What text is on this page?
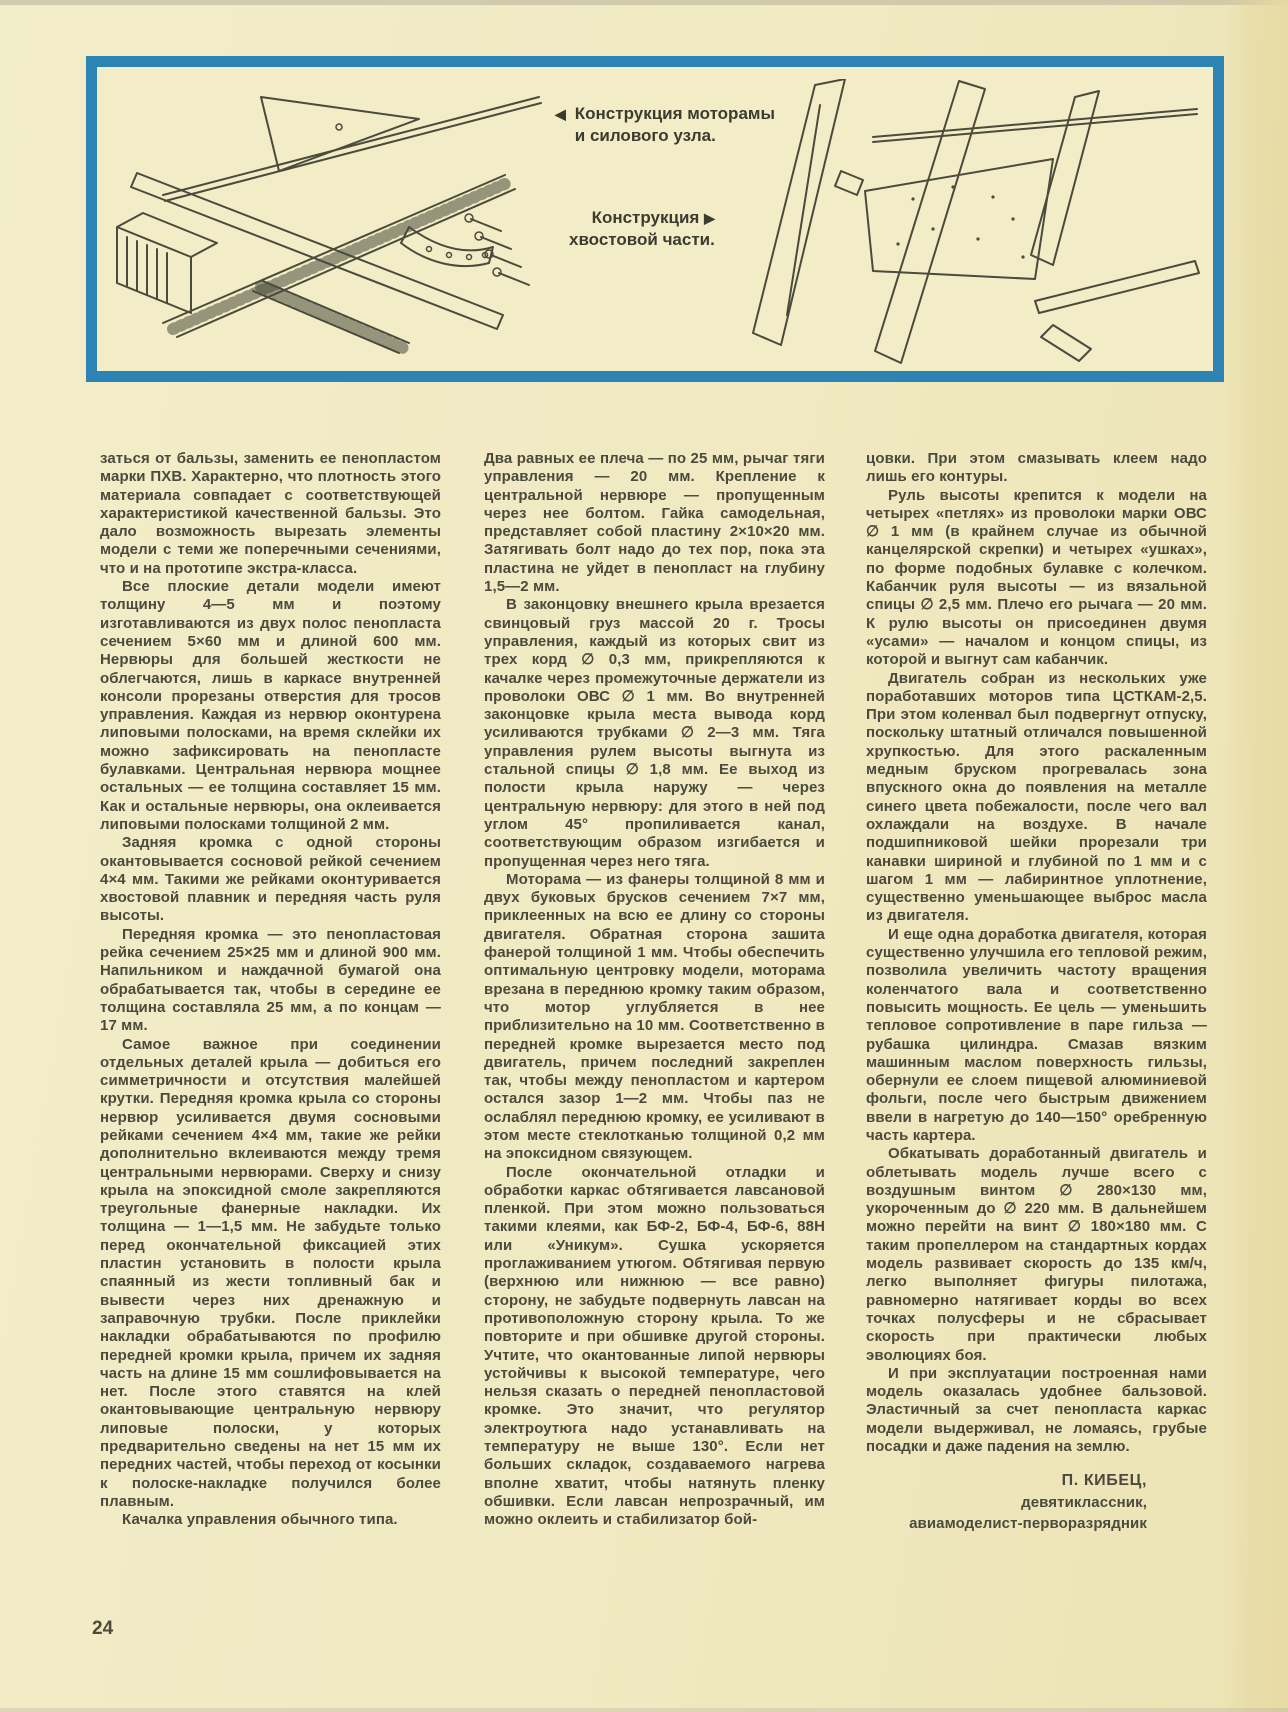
◀ Конструкция моторамы
и силового узла.
Конструкция ▶
хвостовой части.

заться от бальзы, заменить ее пенопластом марки ПХВ. Характерно, что плотность этого материала совпадает с соответствующей характеристикой качественной бальзы. Это дало возможность вырезать элементы модели с теми же поперечными сечениями, что и на прототипе экстра-класса.

Все плоские детали модели имеют толщину 4—5 мм и поэтому изготавливаются из двух полос пенопласта сечением 5×60 мм и длиной 600 мм. Нервюры для большей жесткости не облегчаются, лишь в каркасе внутренней консоли прорезаны отверстия для тросов управления. Каждая из нервюр оконтурена липовыми полосками, на время склейки их можно зафиксировать на пенопласте булавками. Центральная нервюра мощнее остальных — ее толщина составляет 15 мм. Как и остальные нервюры, она оклеивается липовыми полосками толщиной 2 мм.

Задняя кромка с одной стороны окантовывается сосновой рейкой сечением 4×4 мм. Такими же рейками оконтуривается хвостовой плавник и передняя часть руля высоты.

Передняя кромка — это пенопластовая рейка сечением 25×25 мм и длиной 900 мм. Напильником и наждачной бумагой она обрабатывается так, чтобы в середине ее толщина составляла 25 мм, а по концам — 17 мм.

Самое важное при соединении отдельных деталей крыла — добиться его симметричности и отсутствия малейшей крутки. Передняя кромка крыла со стороны нервюр усиливается двумя сосновыми рейками сечением 4×4 мм, такие же рейки дополнительно вклеиваются между тремя центральными нервюрами. Сверху и снизу крыла на эпоксидной смоле закрепляются треугольные фанерные накладки. Их толщина — 1—1,5 мм. Не забудьте только перед окончательной фиксацией этих пластин установить в полости крыла спаянный из жести топливный бак и вывести через них дренажную и заправочную трубки. После приклейки накладки обрабатываются по профилю передней кромки крыла, причем их задняя часть на длине 15 мм сошлифовывается на нет. После этого ставятся на клей окантовывающие центральную нервюру липовые полоски, у которых предварительно сведены на нет 15 мм их передних частей, чтобы переход от косынки к полоске-накладке получился более плавным.

Качалка управления обычного типа.

Два равных ее плеча — по 25 мм, рычаг тяги управления — 20 мм. Крепление к центральной нервюре — пропущенным через нее болтом. Гайка самодельная, представляет собой пластину 2×10×20 мм. Затягивать болт надо до тех пор, пока эта пластина не уйдет в пенопласт на глубину 1,5—2 мм.

В законцовку внешнего крыла врезается свинцовый груз массой 20 г. Тросы управления, каждый из которых свит из трех корд ∅ 0,3 мм, прикрепляются к качалке через промежуточные держатели из проволоки ОВС ∅ 1 мм. Во внутренней законцовке крыла места вывода корд усиливаются трубками ∅ 2—3 мм. Тяга управления рулем высоты выгнута из стальной спицы ∅ 1,8 мм. Ее выход из полости крыла наружу — через центральную нервюру: для этого в ней под углом 45° пропиливается канал, соответствующим образом изгибается и пропущенная через него тяга.

Моторама — из фанеры толщиной 8 мм и двух буковых брусков сечением 7×7 мм, приклеенных на всю ее длину со стороны двигателя. Обратная сторона зашита фанерой толщиной 1 мм. Чтобы обеспечить оптимальную центровку модели, моторама врезана в переднюю кромку таким образом, что мотор углубляется в нее приблизительно на 10 мм. Соответственно в передней кромке вырезается место под двигатель, причем последний закреплен так, чтобы между пенопластом и картером остался зазор 1—2 мм. Чтобы паз не ослаблял переднюю кромку, ее усиливают в этом месте стеклотканью толщиной 0,2 мм на эпоксидном связующем.

После окончательной отладки и обработки каркас обтягивается лавсановой пленкой. При этом можно пользоваться такими клеями, как БФ-2, БФ-4, БФ-6, 88Н или «Уникум». Сушка ускоряется проглаживанием утюгом. Обтягивая первую (верхнюю или нижнюю — все равно) сторону, не забудьте подвернуть лавсан на противоположную сторону крыла. То же повторите и при обшивке другой стороны. Учтите, что окантованные липой нервюры устойчивы к высокой температуре, чего нельзя сказать о передней пенопластовой кромке. Это значит, что регулятор электроутюга надо устанавливать на температуру не выше 130°. Если нет больших складок, создаваемого нагрева вполне хватит, чтобы натянуть пленку обшивки. Если лавсан непрозрачный, им можно оклеить и стабилизатор бой-

цовки. При этом смазывать клеем надо лишь его контуры.

Руль высоты крепится к модели на четырех «петлях» из проволоки марки ОВС ∅ 1 мм (в крайнем случае из обычной канцелярской скрепки) и четырех «ушках», по форме подобных булавке с колечком. Кабанчик руля высоты — из вязальной спицы ∅ 2,5 мм. Плечо его рычага — 20 мм. К рулю высоты он присоединен двумя «усами» — началом и концом спицы, из которой и выгнут сам кабанчик.

Двигатель собран из нескольких уже поработавших моторов типа ЦСТКАМ-2,5. При этом коленвал был подвергнут отпуску, поскольку штатный отличался повышенной хрупкостью. Для этого раскаленным медным бруском прогревалась зона впускного окна до появления на металле синего цвета побежалости, после чего вал охлаждали на воздухе. В начале подшипниковой шейки прорезали три канавки шириной и глубиной по 1 мм и с шагом 1 мм — лабиринтное уплотнение, существенно уменьшающее выброс масла из двигателя.

И еще одна доработка двигателя, которая существенно улучшила его тепловой режим, позволила увеличить частоту вращения коленчатого вала и соответственно повысить мощность. Ее цель — уменьшить тепловое сопротивление в паре гильза — рубашка цилиндра. Смазав вязким машинным маслом поверхность гильзы, обернули ее слоем пищевой алюминиевой фольги, после чего быстрым движением ввели в нагретую до 140—150° оребренную часть картера.

Обкатывать доработанный двигатель и облетывать модель лучше всего с воздушным винтом ∅ 280×130 мм, укороченным до ∅ 220 мм. В дальнейшем можно перейти на винт ∅ 180×180 мм. С таким пропеллером на стандартных кордах модель развивает скорость до 135 км/ч, легко выполняет фигуры пилотажа, равномерно натягивает корды во всех точках полусферы и не сбрасывает скорость при практически любых эволюциях боя.

И при эксплуатации построенная нами модель оказалась удобнее бальзовой. Эластичный за счет пенопласта каркас модели выдерживал, не ломаясь, грубые посадки и даже падения на землю.

П. КИБЕЦ,
девятиклассник,
авиамоделист-перворазрядник
24
